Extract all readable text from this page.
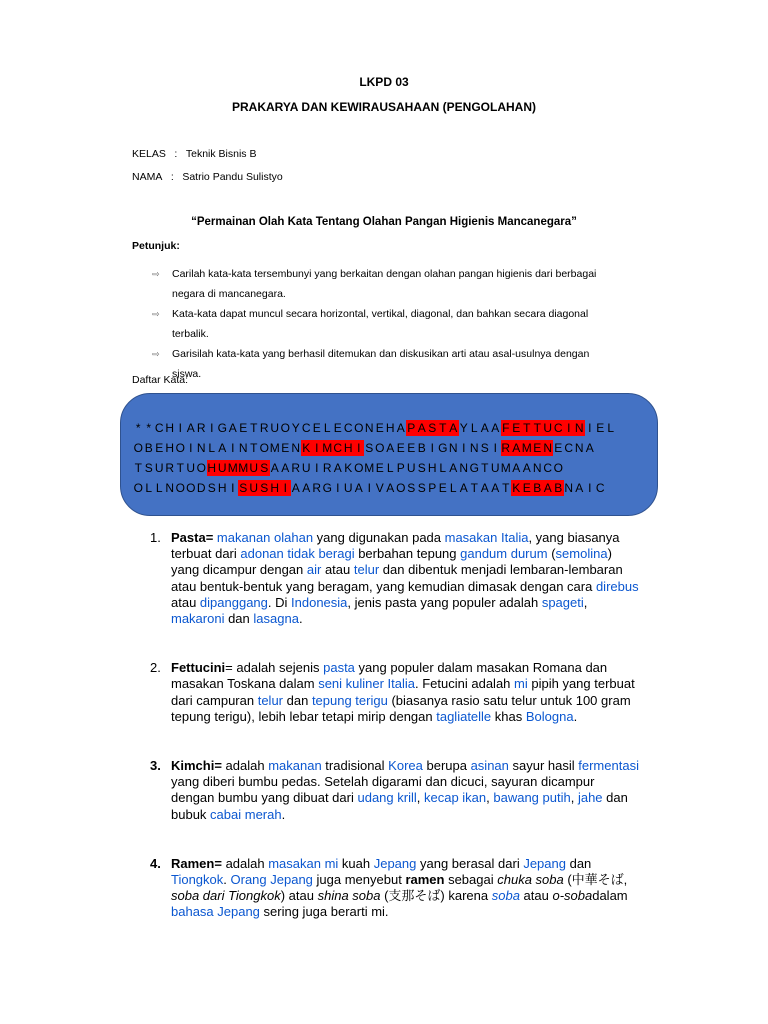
LKPD 03
PRAKARYA DAN KEWIRAUSAHAAN (PENGOLAHAN)
KELAS : Teknik Bisnis B
NAMA : Satrio Pandu Sulistyo
“Permainan Olah Kata Tentang Olahan Pangan Higienis Mancanegara”
Petunjuk:
⇨ Carilah kata-kata tersembunyi yang berkaitan dengan olahan pangan higienis dari berbagai negara di mancanegara.
⇨ Kata-kata dapat muncul secara horizontal, vertikal, diagonal, dan bahkan secara diagonal terbalik.
⇨ Garisilah kata-kata yang berhasil ditemukan dan diskusikan arti atau asal-usulnya dengan siswa.
Daftar Kata:
* * C H I A R I G A E T R U O Y C E L E C ON E H A P A S T A Y L A A F E T T U C I N I E L
O B E H O I N L A I N T OME N K I MC H I S O A E E B I GN I N S I R A ME N E C N A
T S U R T U OH UMMU S A A R U I R A K OME L P U S H L A N G T UMA A N C O
O L L N OOD S H I S U S H I A A R G I U A I V A O S S P E L A T A A T K E B A B N A I C
1. Pasta= makanan olahan yang digunakan pada masakan Italia, yang biasanya terbuat dari adonan tidak beragi berbahan tepung gandum durum (semolina) yang dicampur dengan air atau telur dan dibentuk menjadi lembaran-lembaran atau bentuk-bentuk yang beragam, yang kemudian dimasak dengan cara direbus atau dipanggang. Di Indonesia, jenis pasta yang populer adalah spageti, makaroni dan lasagna.
2. Fettucini= adalah sejenis pasta yang populer dalam masakan Romana dan masakan Toskana dalam seni kuliner Italia. Fetucini adalah mi pipih yang terbuat dari campuran telur dan tepung terigu (biasanya rasio satu telur untuk 100 gram tepung terigu), lebih lebar tetapi mirip dengan tagliatelle khas Bologna.
3. Kimchi= adalah makanan tradisional Korea berupa asinan sayur hasil fermentasi yang diberi bumbu pedas. Setelah digarami dan dicuci, sayuran dicampur dengan bumbu yang dibuat dari udang krill, kecap ikan, bawang putih, jahe dan bubuk cabai merah.
4. Ramen= adalah masakan mi kuah Jepang yang berasal dari Jepang dan Tiongkok. Orang Jepang juga menyebut ramen sebagai chuka soba (中華そば, soba dari Tiongkok) atau shina soba (支那そば) karena soba atau o-sobadalam bahasa Jepang sering juga berarti mi.
